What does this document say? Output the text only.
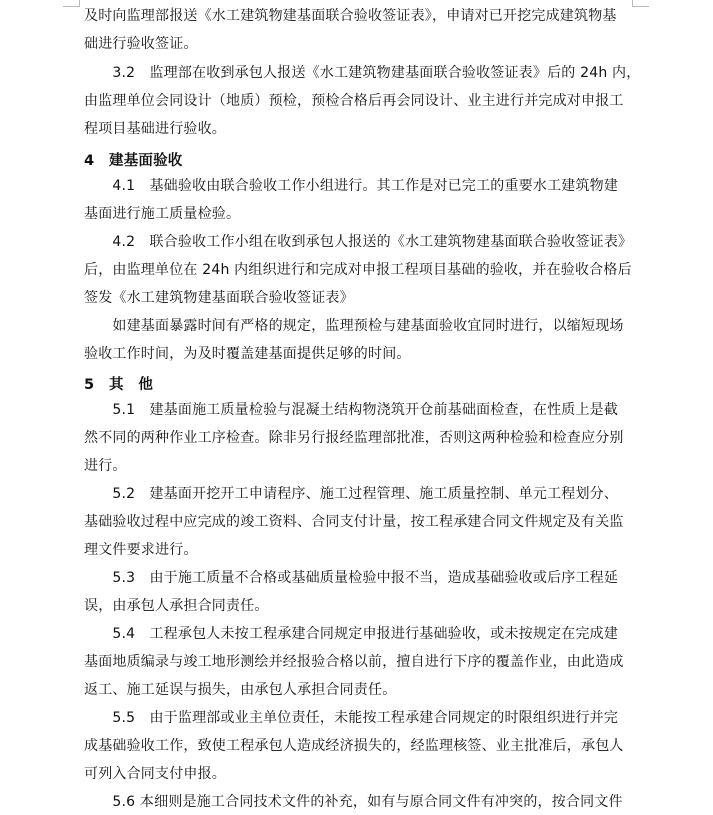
及时向监理部报送《水工建筑物建基面联合验收签证表》，申请对已开挖完成建筑物基
础进行验收签证。
　　3.2　监理部在收到承包人报送《水工建筑物建基面联合验收签证表》后的 24h 内，
由监理单位会同设计（地质）预检，预检合格后再会同设计、业主进行并完成对申报工
程项目基础进行验收。
4　建基面验收
　　4.1　基础验收由联合验收工作小组进行。其工作是对已完工的重要水工建筑物建
基面进行施工质量检验。
　　4.2　联合验收工作小组在收到承包人报送的《水工建筑物建基面联合验收签证表》
后，由监理单位在 24h 内组织进行和完成对申报工程项目基础的验收，并在验收合格后
签发《水工建筑物建基面联合验收签证表》
　　如建基面暴露时间有严格的规定，监理预检与建基面验收宜同时进行，以缩短现场
验收工作时间，为及时覆盖建基面提供足够的时间。
5　其　他
　　5.1　建基面施工质量检验与混凝土结构物浇筑开仓前基础面检查，在性质上是截
然不同的两种作业工序检查。除非另行报经监理部批准，否则这两种检验和检查应分别
进行。
　　5.2　建基面开挖开工申请程序、施工过程管理、施工质量控制、单元工程划分、
基础验收过程中应完成的竣工资料、合同支付计量，按工程承建合同文件规定及有关监
理文件要求进行。
　　5.3　由于施工质量不合格或基础质量检验中报不当，造成基础验收或后序工程延
误，由承包人承担合同责任。
　　5.4　工程承包人未按工程承建合同规定申报进行基础验收，或未按规定在完成建
基面地质编录与竣工地形测绘并经报验合格以前，擅自进行下序的覆盖作业，由此造成
返工、施工延误与损失，由承包人承担合同责任。
　　5.5　由于监理部或业主单位责任，未能按工程承建合同规定的时限组织进行并完
成基础验收工作，致使工程承包人造成经济损失的，经监理核签、业主批准后，承包人
可列入合同支付申报。
　　5.6 本细则是施工合同技术文件的补充，如有与原合同文件有冲突的，按合同文件
